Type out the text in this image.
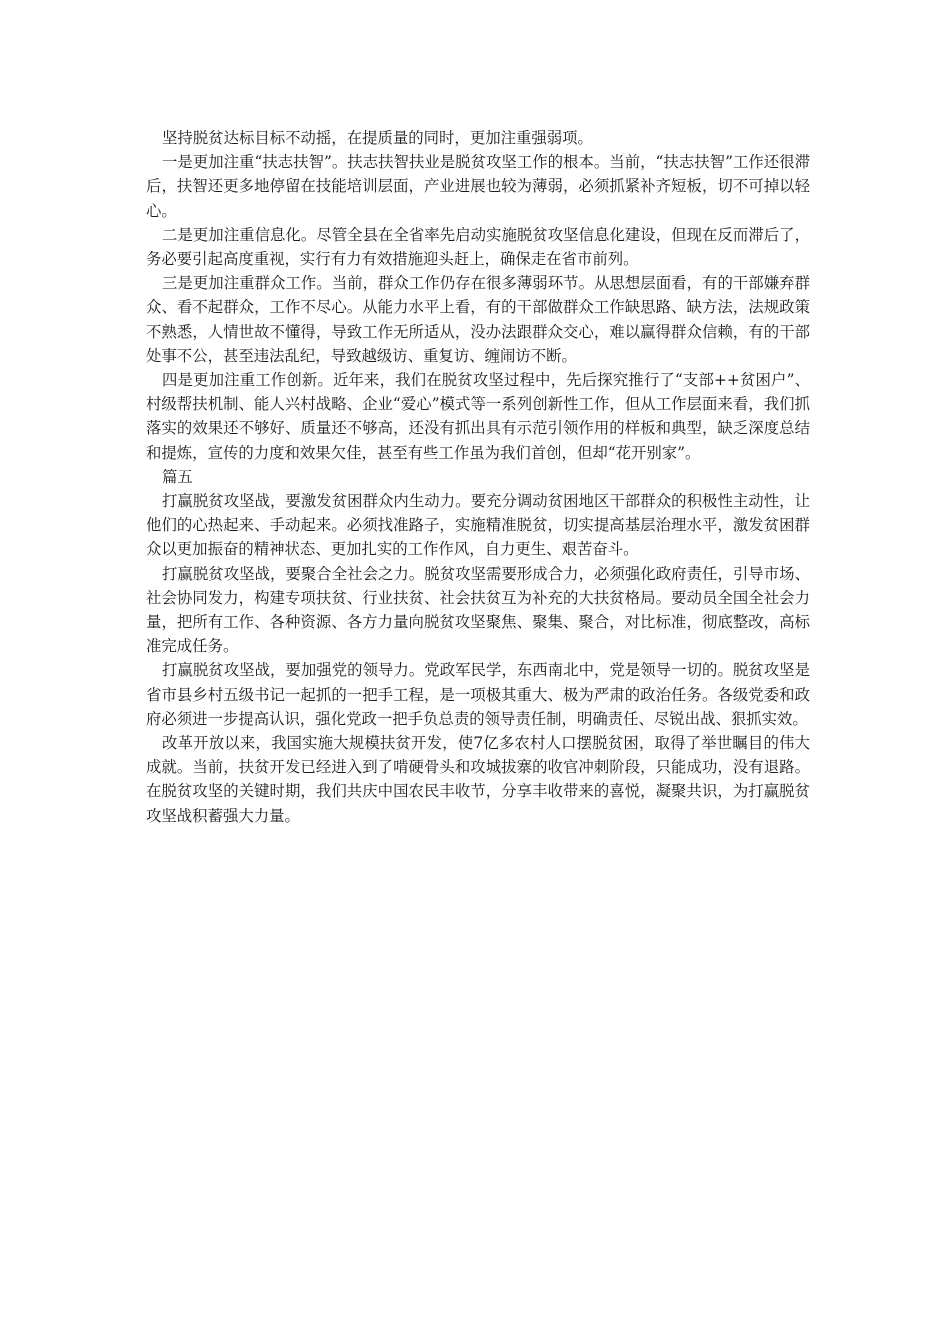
坚持脱贫达标目标不动摇，在提质量的同时，更加注重强弱项。

一是更加注重“扶志扶智”。扶志扶智扶业是脱贫攻坚工作的根本。当前，“扶志扶智”工作还很滞后，扶智还更多地停留在技能培训层面，产业进展也较为薄弱，必须抓紧补齐短板，切不可掉以轻心。

二是更加注重信息化。尽管全县在全省率先启动实施脱贫攻坚信息化建设，但现在反而滞后了，务必要引起高度重视，实行有力有效措施迎头赶上，确保走在省市前列。

三是更加注重群众工作。当前，群众工作仍存在很多薄弱环节。从思想层面看，有的干部嫌弃群众、看不起群众，工作不尽心。从能力水平上看，有的干部做群众工作缺思路、缺方法，法规政策不熟悉，人情世故不懂得，导致工作无所适从，没办法跟群众交心，难以赢得群众信赖，有的干部处事不公，甚至违法乱纪，导致越级访、重复访、缠闹访不断。

四是更加注重工作创新。近年来，我们在脱贫攻坚过程中，先后探究推行了“支部++贫困户”、村级帮扶机制、能人兴村战略、企业“爱心”模式等一系列创新性工作，但从工作层面来看，我们抓落实的效果还不够好、质量还不够高，还没有抓出具有示范引领作用的样板和典型，缺乏深度总结和提炼，宣传的力度和效果欠佳，甚至有些工作虽为我们首创，但却“花开别家”。

篇五

打赢脱贫攻坚战，要激发贫困群众内生动力。要充分调动贫困地区干部群众的积极性主动性，让他们的心热起来、手动起来。必须找准路子，实施精准脱贫，切实提高基层治理水平，激发贫困群众以更加振奋的精神状态、更加扎实的工作作风，自力更生、艰苦奋斗。

打赢脱贫攻坚战，要聚合全社会之力。脱贫攻坚需要形成合力，必须强化政府责任，引导市场、社会协同发力，构建专项扶贫、行业扶贫、社会扶贫互为补充的大扶贫格局。要动员全国全社会力量，把所有工作、各种资源、各方力量向脱贫攻坚聚焦、聚集、聚合，对比标准，彻底整改，高标准完成任务。

打赢脱贫攻坚战，要加强党的领导力。党政军民学，东西南北中，党是领导一切的。脱贫攻坚是省市县乡村五级书记一起抓的一把手工程，是一项极其重大、极为严肃的政治任务。各级党委和政府必须进一步提高认识，强化党政一把手负总责的领导责任制，明确责任、尽锐出战、狠抓实效。

改革开放以来，我国实施大规模扶贫开发，使7亿多农村人口摆脱贫困，取得了举世瞩目的伟大成就。当前，扶贫开发已经进入到了啃硬骨头和攻城拔寨的收官冲刺阶段，只能成功，没有退路。在脱贫攻坚的关键时期，我们共庆中国农民丰收节，分享丰收带来的喜悦，凝聚共识，为打赢脱贫攻坚战积蓄强大力量。
